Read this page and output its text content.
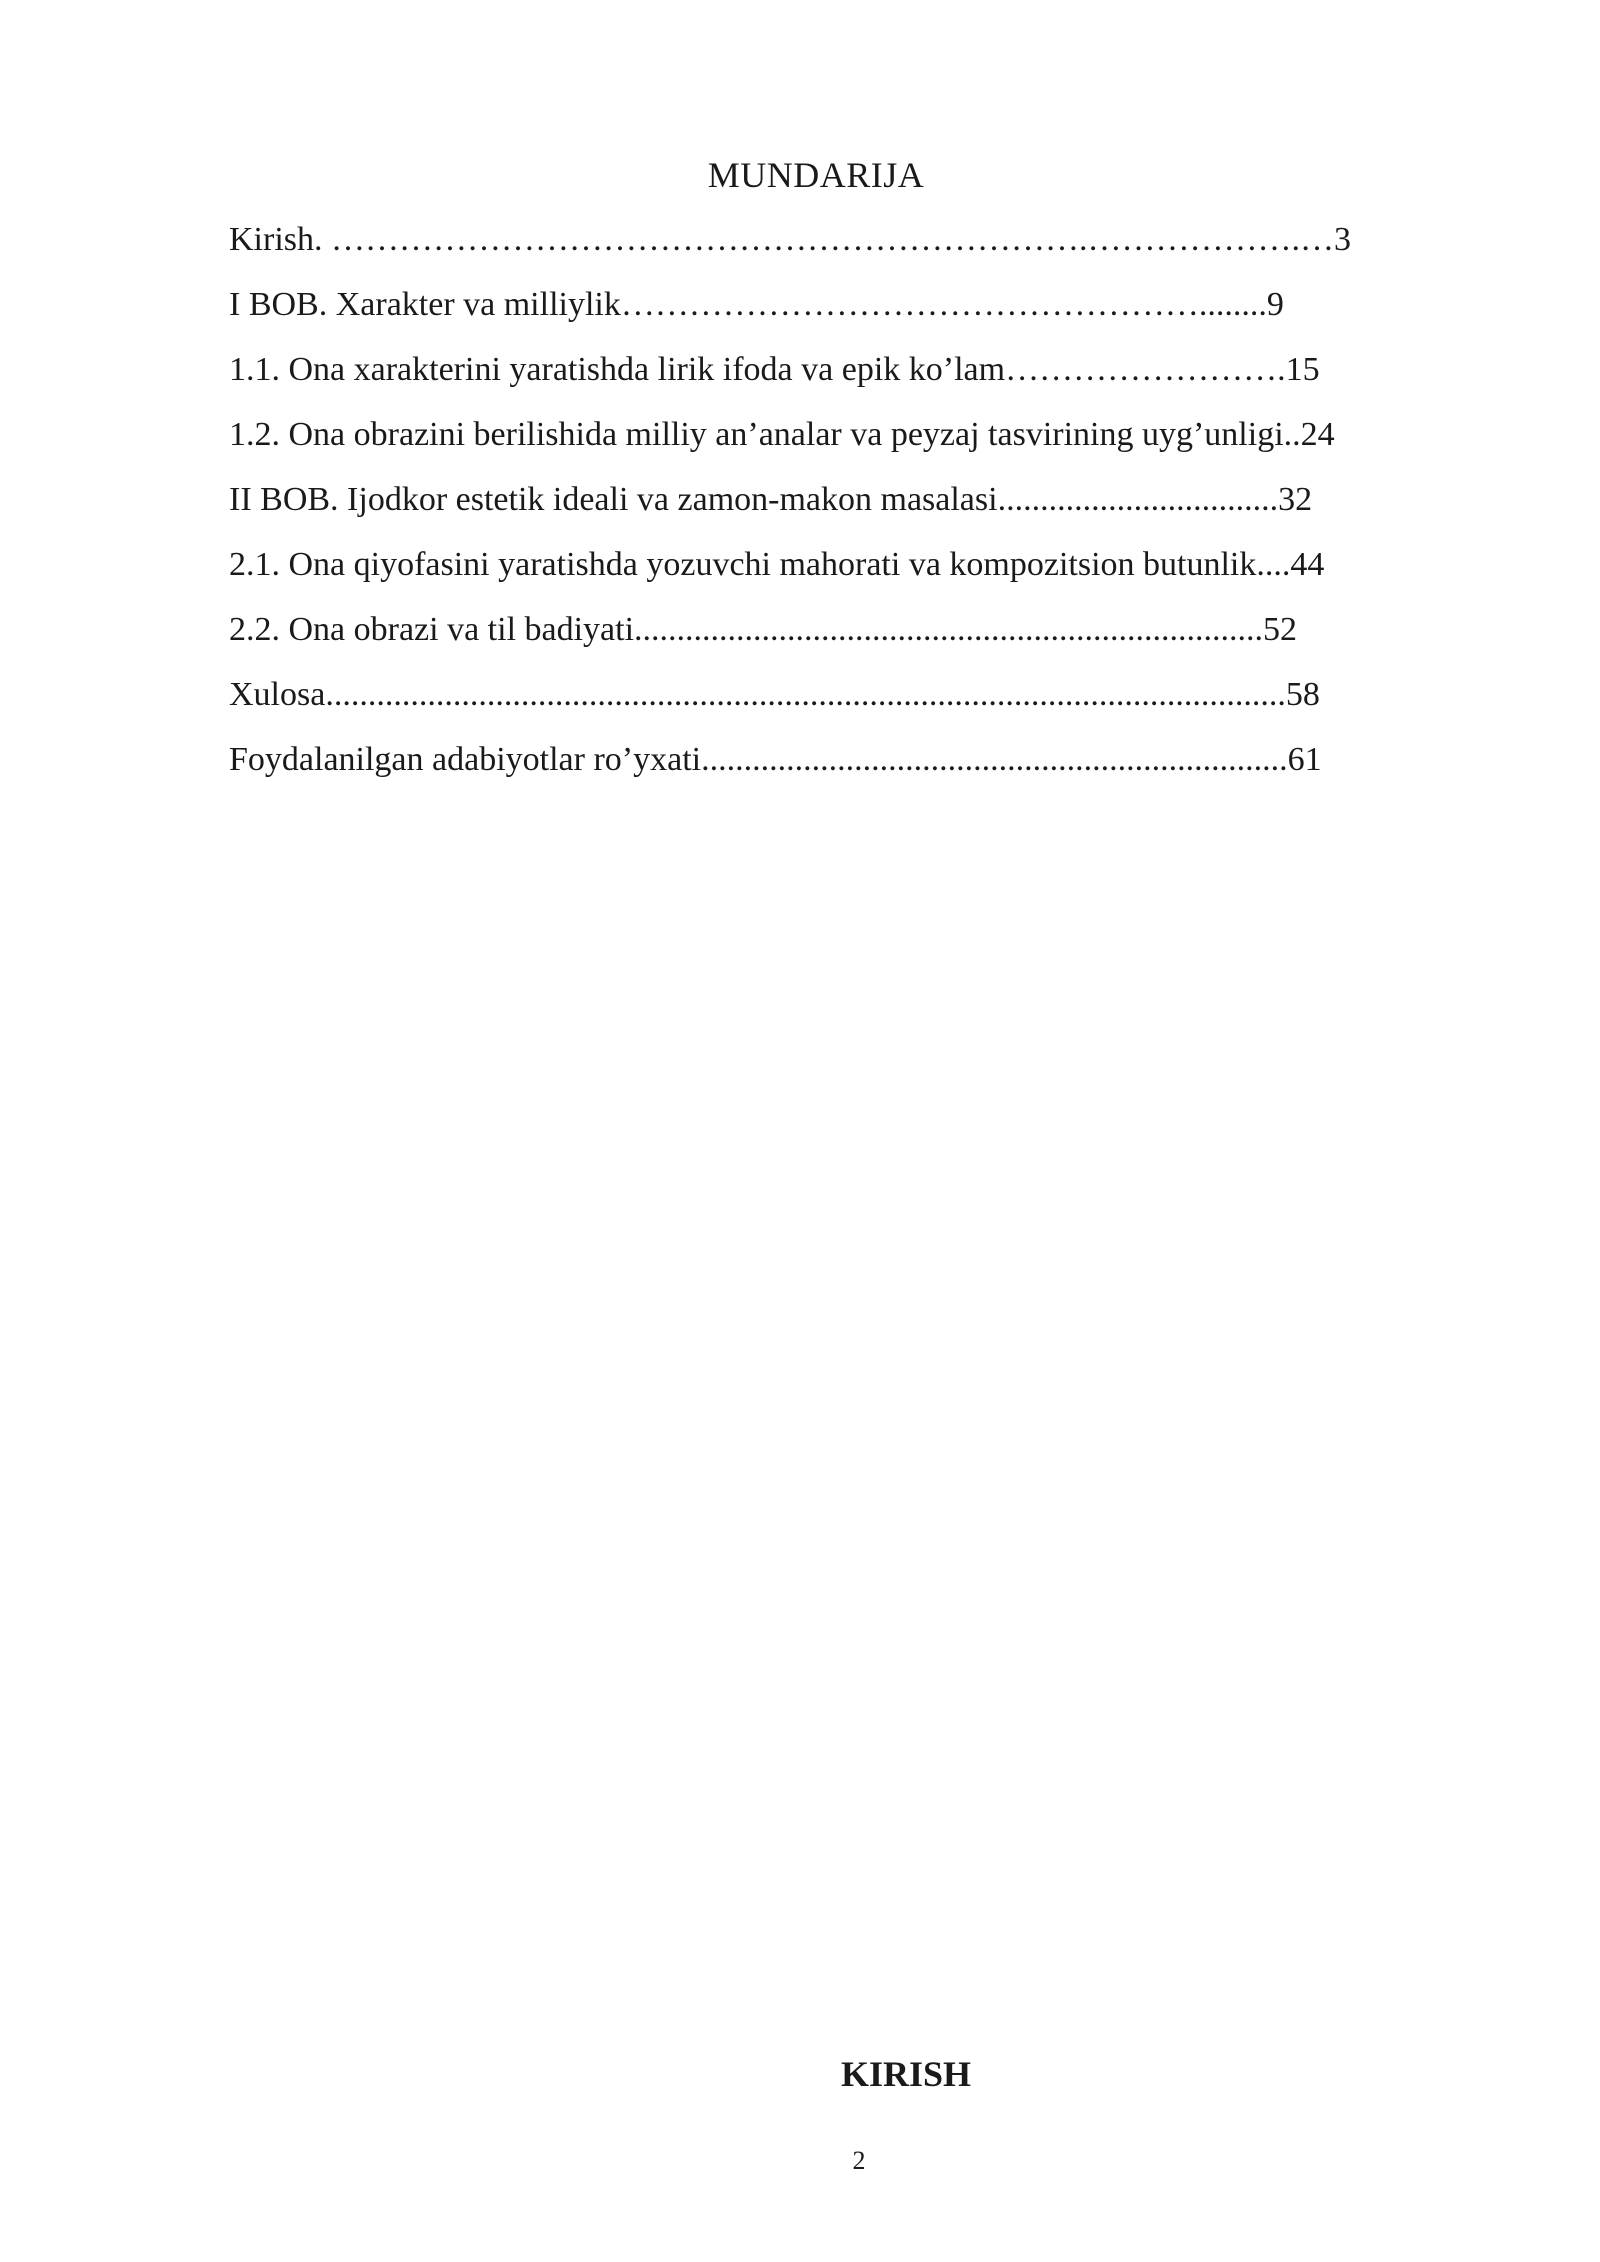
MUNDARIJA
Kirish. ………………………………………………………….……………….…3
I BOB. Xarakter va milliylik……………………………………………........9
1.1. Ona xarakterini yaratishda lirik ifoda va epik ko’lam…………………….15
1.2. Ona obrazini berilishida milliy an’analar va peyzaj tasvirining uyg’unligi..24
II BOB. Ijodkor estetik ideali va zamon-makon masalasi.................................32
2.1. Ona qiyofasini yaratishda yozuvchi mahorati va kompozitsion butunlik....44
2.2. Ona obrazi va til badiyati..........................................................................52
Xulosa.................................................................................................................58
Foydalanilgan adabiyotlar ro’yxati.....................................................................61
KIRISH
2
